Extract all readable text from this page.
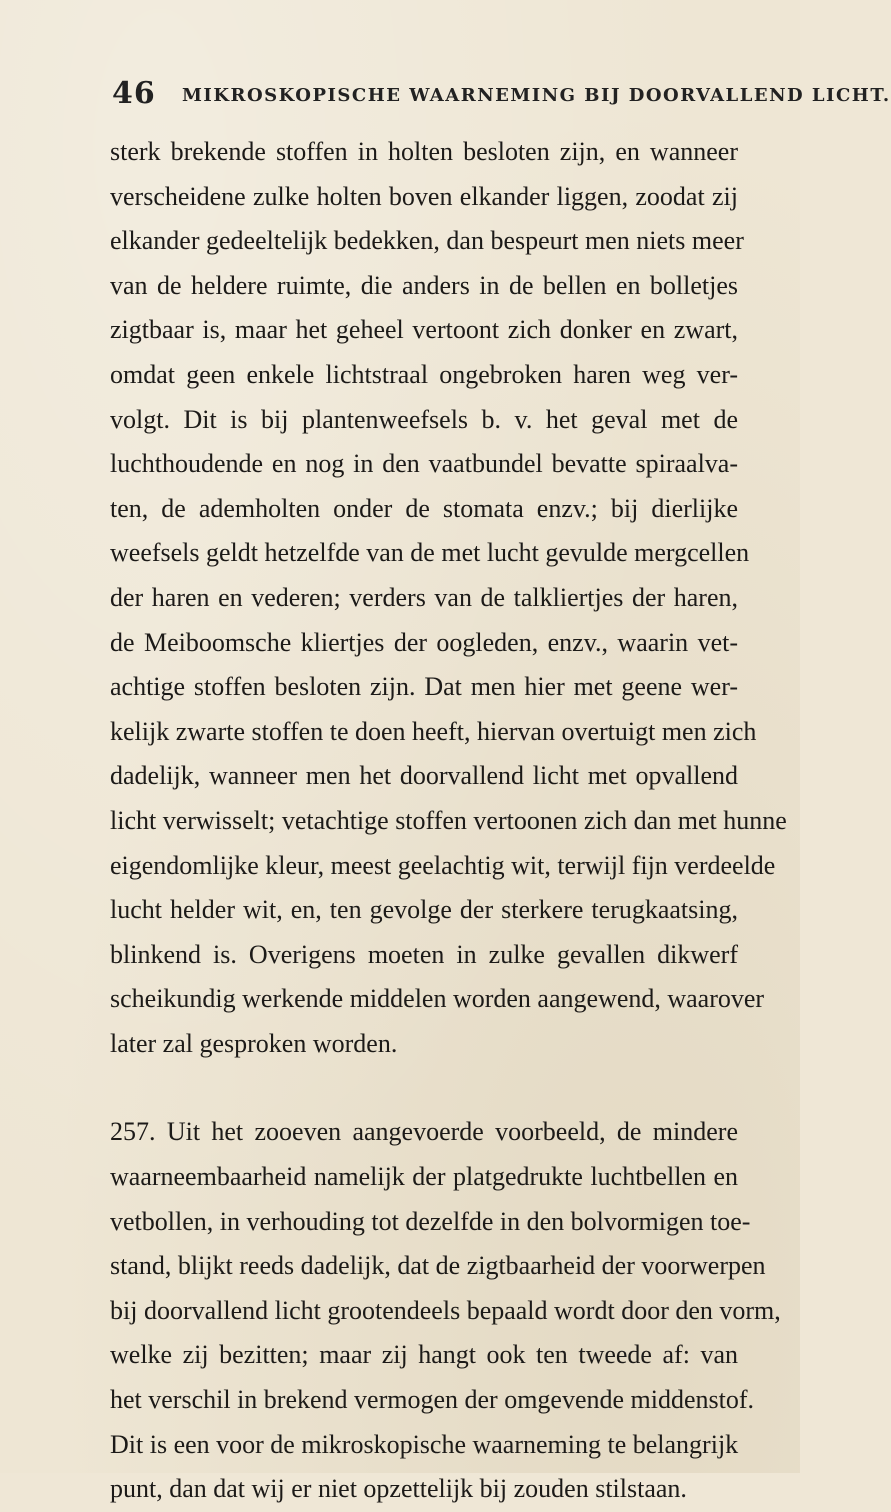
46 MIKROSKOPISCHE WAARNEMING BIJ DOORVALLEND LICHT.
sterk brekende stoffen in holten besloten zijn, en wanneer
verscheidene zulke holten boven elkander liggen, zoodat zij
elkander gedeeltelijk bedekken, dan bespeurt men niets meer
van de heldere ruimte, die anders in de bellen en bolletjes
zigtbaar is, maar het geheel vertoont zich donker en zwart,
omdat geen enkele lichtstraal ongebroken haren weg ver-
volgt. Dit is bij plantenweefsels b. v. het geval met de
luchthoudende en nog in den vaatbundel bevatte spiraalva-
ten, de ademholten onder de stomata enzv.; bij dierlijke
weefsels geldt hetzelfde van de met lucht gevulde mergcellen
der haren en vederen; verders van de talkliertjes der haren,
de Meiboomsche kliertjes der oogleden, enzv., waarin vet-
achtige stoffen besloten zijn. Dat men hier met geene wer-
kelijk zwarte stoffen te doen heeft, hiervan overtuigt men zich
dadelijk, wanneer men het doorvallend licht met opvallend
licht verwisselt; vetachtige stoffen vertoonen zich dan met hunne
eigendomlijke kleur, meest geelachtig wit, terwijl fijn verdeelde
lucht helder wit, en, ten gevolge der sterkere terugkaatsing,
blinkend is. Overigens moeten in zulke gevallen dikwerf
scheikundig werkende middelen worden aangewend, waarover
later zal gesproken worden.
257. Uit het zooeven aangevoerde voorbeeld, de mindere
waarneembaarheid namelijk der platgedrukte luchtbellen en
vetbollen, in verhouding tot dezelfde in den bolvormigen toe-
stand, blijkt reeds dadelijk, dat de zigtbaarheid der voorwerpen
bij doorvallend licht grootendeels bepaald wordt door den vorm,
welke zij bezitten; maar zij hangt ook ten tweede af: van
het verschil in brekend vermogen der omgevende middenstof.
Dit is een voor de mikroskopische waarneming te belangrijk
punt, dan dat wij er niet opzettelijk bij zouden stilstaan.
